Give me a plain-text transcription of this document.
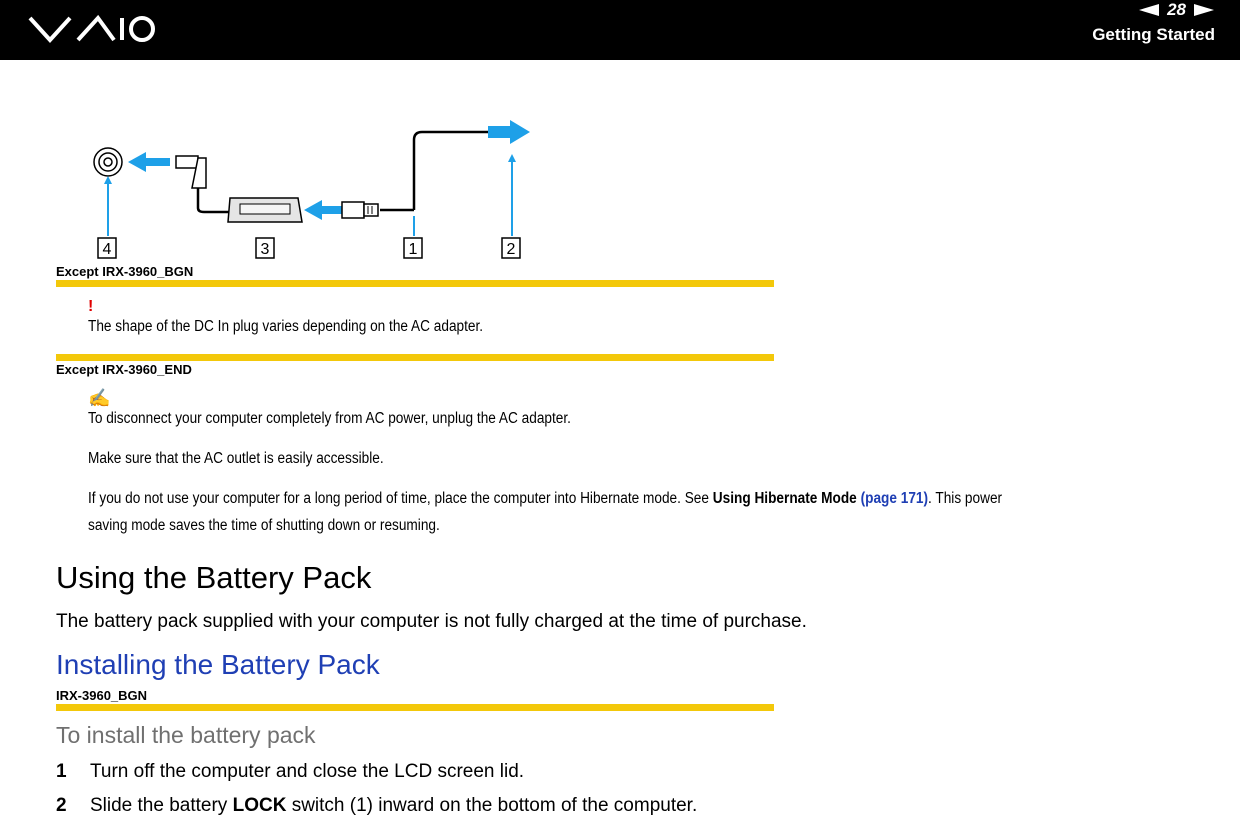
28
Getting Started
4	3	1	2
Except IRX-3960_BGN
!
The shape of the DC In plug varies depending on the AC adapter.
Except IRX-3960_END
✍
To disconnect your computer completely from AC power, unplug the AC adapter.
Make sure that the AC outlet is easily accessible.
If you do not use your computer for a long period of time, place the computer into Hibernate mode. See Using Hibernate Mode (page 171). This power
saving mode saves the time of shutting down or resuming.
Using the Battery Pack
The battery pack supplied with your computer is not fully charged at the time of purchase.
Installing the Battery Pack
IRX-3960_BGN
To install the battery pack
1 Turn off the computer and close the LCD screen lid.
2 Slide the battery LOCK switch (1) inward on the bottom of the computer.
